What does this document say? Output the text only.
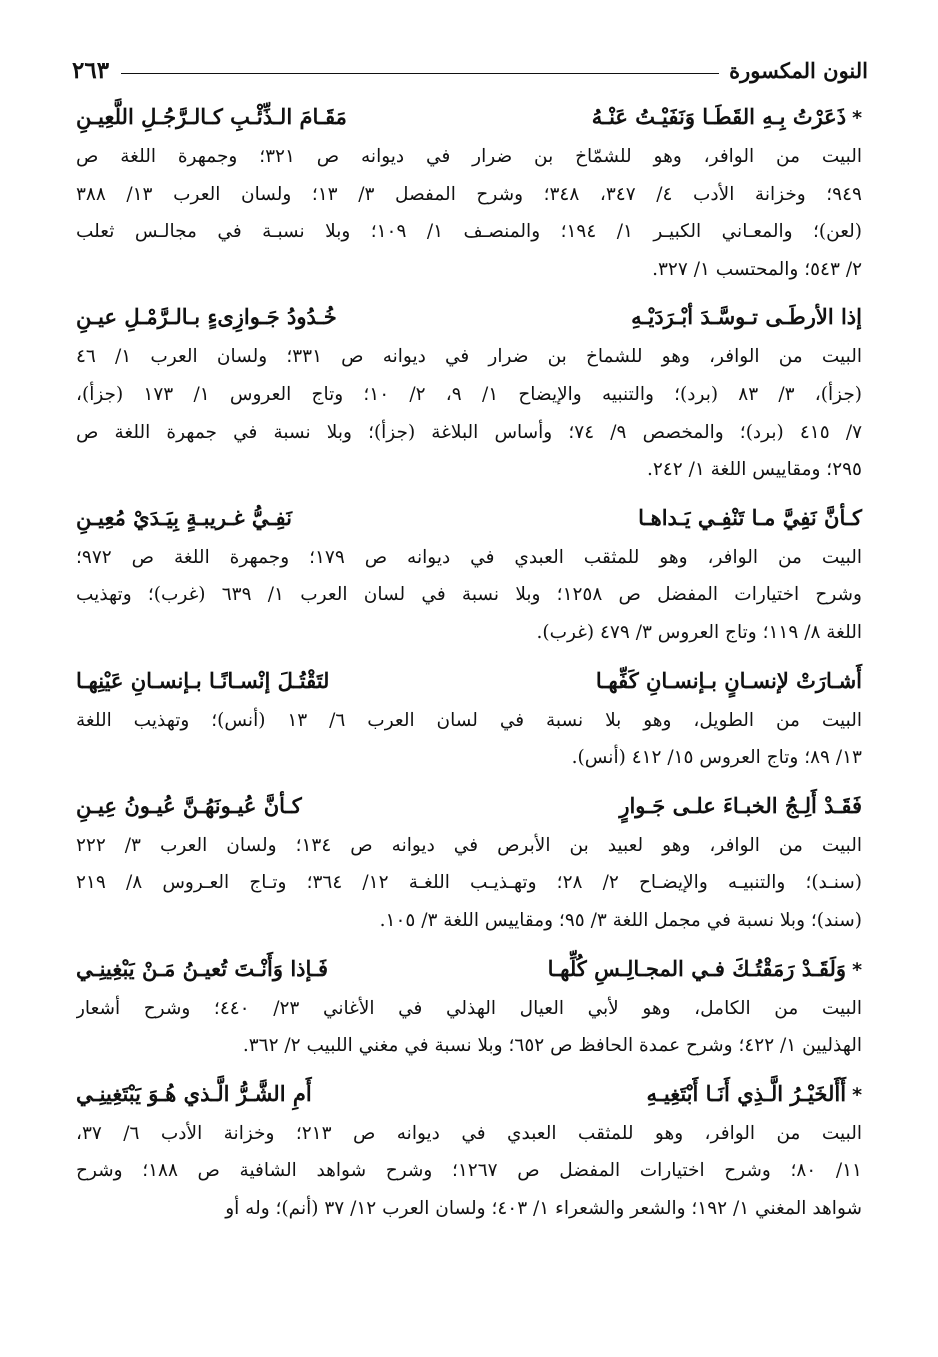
النون المكسورة
٢٦٣
*ذَعَرْتُ بِـهِ القَطَـا وَنَفَيْـتُ عَنْـهُ
مَقَـامَ الـذِّئْـبِ كـالـرَّجُـلِ اللَّعِيـنِ
البيت من الوافر، وهو للشمّاخ بن ضرار في ديوانه ص ٣٢١؛ وجمهرة اللغة ص
٩٤٩؛ وخزانة الأدب ٤/ ٣٤٧، ٣٤٨؛ وشرح المفصل ٣/ ١٣؛ ولسان العرب ١٣/ ٣٨٨
(لعن)؛ والمعـاني الكبيـر ١/ ١٩٤؛ والمنصـف ١/ ١٠٩؛ وبلا نسبـة في مجالـس ثعلب
٢/ ٥٤٣؛ والمحتسب ١/ ٣٢٧.
إذا الأرطَـى تـوسَّـدَ أبْـرَدَيْـهِ
خُـدُودُ جَـوازِىءٍ بـالـرَّمْـلِ عيـنِ
البيت من الوافر، وهو للشماخ بن ضرار في ديوانه ص ٣٣١؛ ولسان العرب ١/ ٤٦
(جزأ)، ٣/ ٨٣ (برد)؛ والتنبيه والإيضاح ١/ ٩، ٢/ ١٠؛ وتاج العروس ١/ ١٧٣ (جزأ)،
٧/ ٤١٥ (برد)؛ والمخصص ٩/ ٧٤؛ وأساس البلاغة (جزأ)؛ وبلا نسبة في جمهرة اللغة ص
٢٩٥؛ ومقاييس اللغة ١/ ٢٤٢.
كـأنَّ نَفِيَّ مـا تَنْفِـي يَـداهـا
نَفِـيُّ غـريبـةٍ بِيَـدَيْ مُعِيـنِ
البيت من الوافر، وهو للمثقب العبدي في ديوانه ص ١٧٩؛ وجمهرة اللغة ص ٩٧٢؛
وشرح اختيارات المفضل ص ١٢٥٨؛ وبلا نسبة في لسان العرب ١/ ٦٣٩ (غرب)؛ وتهذيب
اللغة ٨/ ١١٩؛ وتاج العروس ٣/ ٤٧٩ (غرب).
أَشـارَتْ لإنسـانٍ بـإنسـانِ كَفِّهـا
لتَقْتُـلَ إنْسـانًـا بـإنسـانِ عَيْنِهـا
البيت من الطويل، وهو بلا نسبة في لسان العرب ٦/ ١٣ (أنس)؛ وتهذيب اللغة
١٣/ ٨٩؛ وتاج العروس ١٥/ ٤١٢ (أنس).
فَقَـدْ أَلِـجُ الخبـاءَ علـى جَـوارٍ
كـأنَّ عُيـونَهُـنَّ عُيـونُ عِيـنِ
البيت من الوافر، وهو لعبيد بن الأبرص في ديوانه ص ١٣٤؛ ولسان العرب ٣/ ٢٢٢
(سنـد)؛ والتنبيـه والإيضـاح ٢/ ٢٨؛ وتهـذيـب اللغـة ١٢/ ٣٦٤؛ وتـاج العـروس ٨/ ٢١٩
(سند)؛ وبلا نسبة في مجمل اللغة ٣/ ٩٥؛ ومقاييس اللغة ٣/ ١٠٥.
*وَلَقَـدْ رَمَقْتُـكَ فـي المجـالِـسِ كُلِّهـا
فَـإذا وَأَنْـتَ تُعيـنُ مَـنْ يَبْغِينِـي
البيت من الكامل، وهو لأبي العيال الهذلي في الأغاني ٢٣/ ٤٤٠؛ وشرح أشعار
الهذليين ١/ ٤٢٢؛ وشرح عمدة الحافظ ص ٦٥٢؛ وبلا نسبة في مغني اللبيب ٢/ ٣٦٢.
*أَأَلخَيْـرُ الَّـذِي أَنَـا أَبْتَغِيـهِ
أَمِ الشَّـرُّ الَّـذي هُـوَ يَبْتَغِينِـي
البيت من الوافر، وهو للمثقب العبدي في ديوانه ص ٢١٣؛ وخزانة الأدب ٦/ ٣٧،
١١/ ٨٠؛ وشرح اختيارات المفضل ص ١٢٦٧؛ وشرح شواهد الشافية ص ١٨٨؛ وشرح
شواهد المغني ١/ ١٩٢؛ والشعر والشعراء ١/ ٤٠٣؛ ولسان العرب ١٢/ ٣٧ (أنم)؛ وله أو
